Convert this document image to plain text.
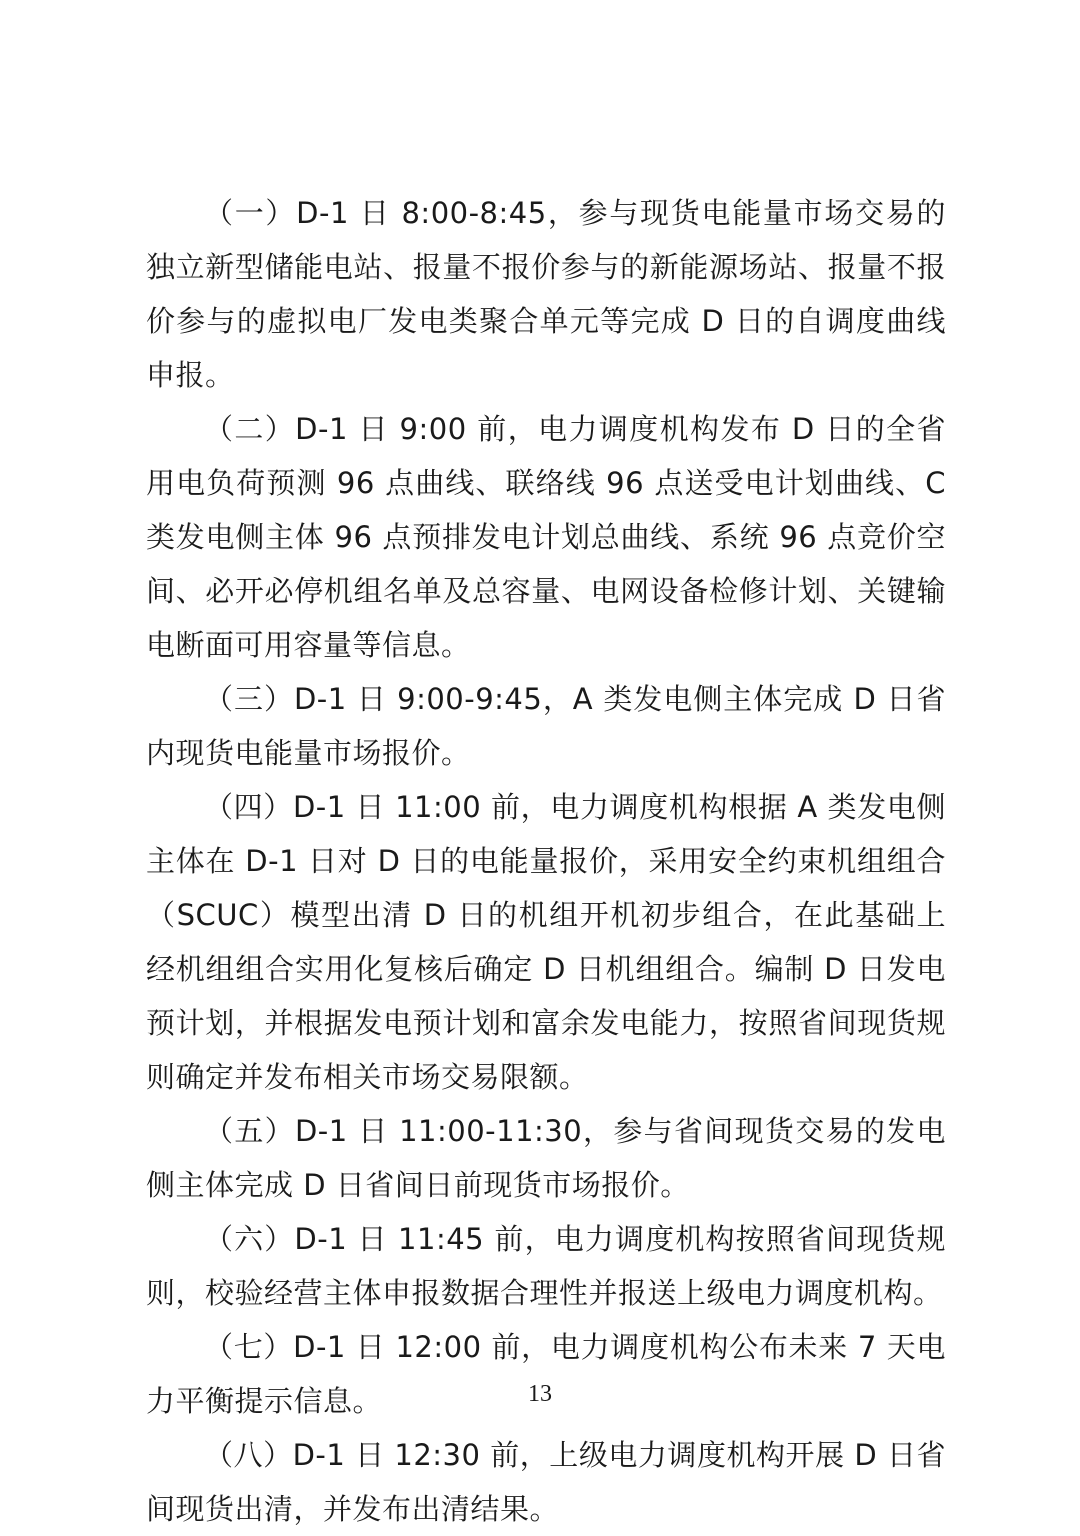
（一）D-1 日 8:00-8:45，参与现货电能量市场交易的独立新型储能电站、报量不报价参与的新能源场站、报量不报价参与的虚拟电厂发电类聚合单元等完成 D 日的自调度曲线申报。

（二）D-1 日 9:00 前，电力调度机构发布 D 日的全省用电负荷预测 96 点曲线、联络线 96 点送受电计划曲线、C 类发电侧主体 96 点预排发电计划总曲线、系统 96 点竞价空间、必开必停机组名单及总容量、电网设备检修计划、关键输电断面可用容量等信息。

（三）D-1 日 9:00-9:45，A 类发电侧主体完成 D 日省内现货电能量市场报价。

（四）D-1 日 11:00 前，电力调度机构根据 A 类发电侧主体在 D-1 日对 D 日的电能量报价，采用安全约束机组组合（SCUC）模型出清 D 日的机组开机初步组合，在此基础上经机组组合实用化复核后确定 D 日机组组合。编制 D 日发电预计划，并根据发电预计划和富余发电能力，按照省间现货规则确定并发布相关市场交易限额。

（五）D-1 日 11:00-11:30，参与省间现货交易的发电侧主体完成 D 日省间日前现货市场报价。

（六）D-1 日 11:45 前，电力调度机构按照省间现货规则，校验经营主体申报数据合理性并报送上级电力调度机构。

（七）D-1 日 12:00 前，电力调度机构公布未来 7 天电力平衡提示信息。

（八）D-1 日 12:30 前，上级电力调度机构开展 D 日省间现货出清，并发布出清结果。

13
